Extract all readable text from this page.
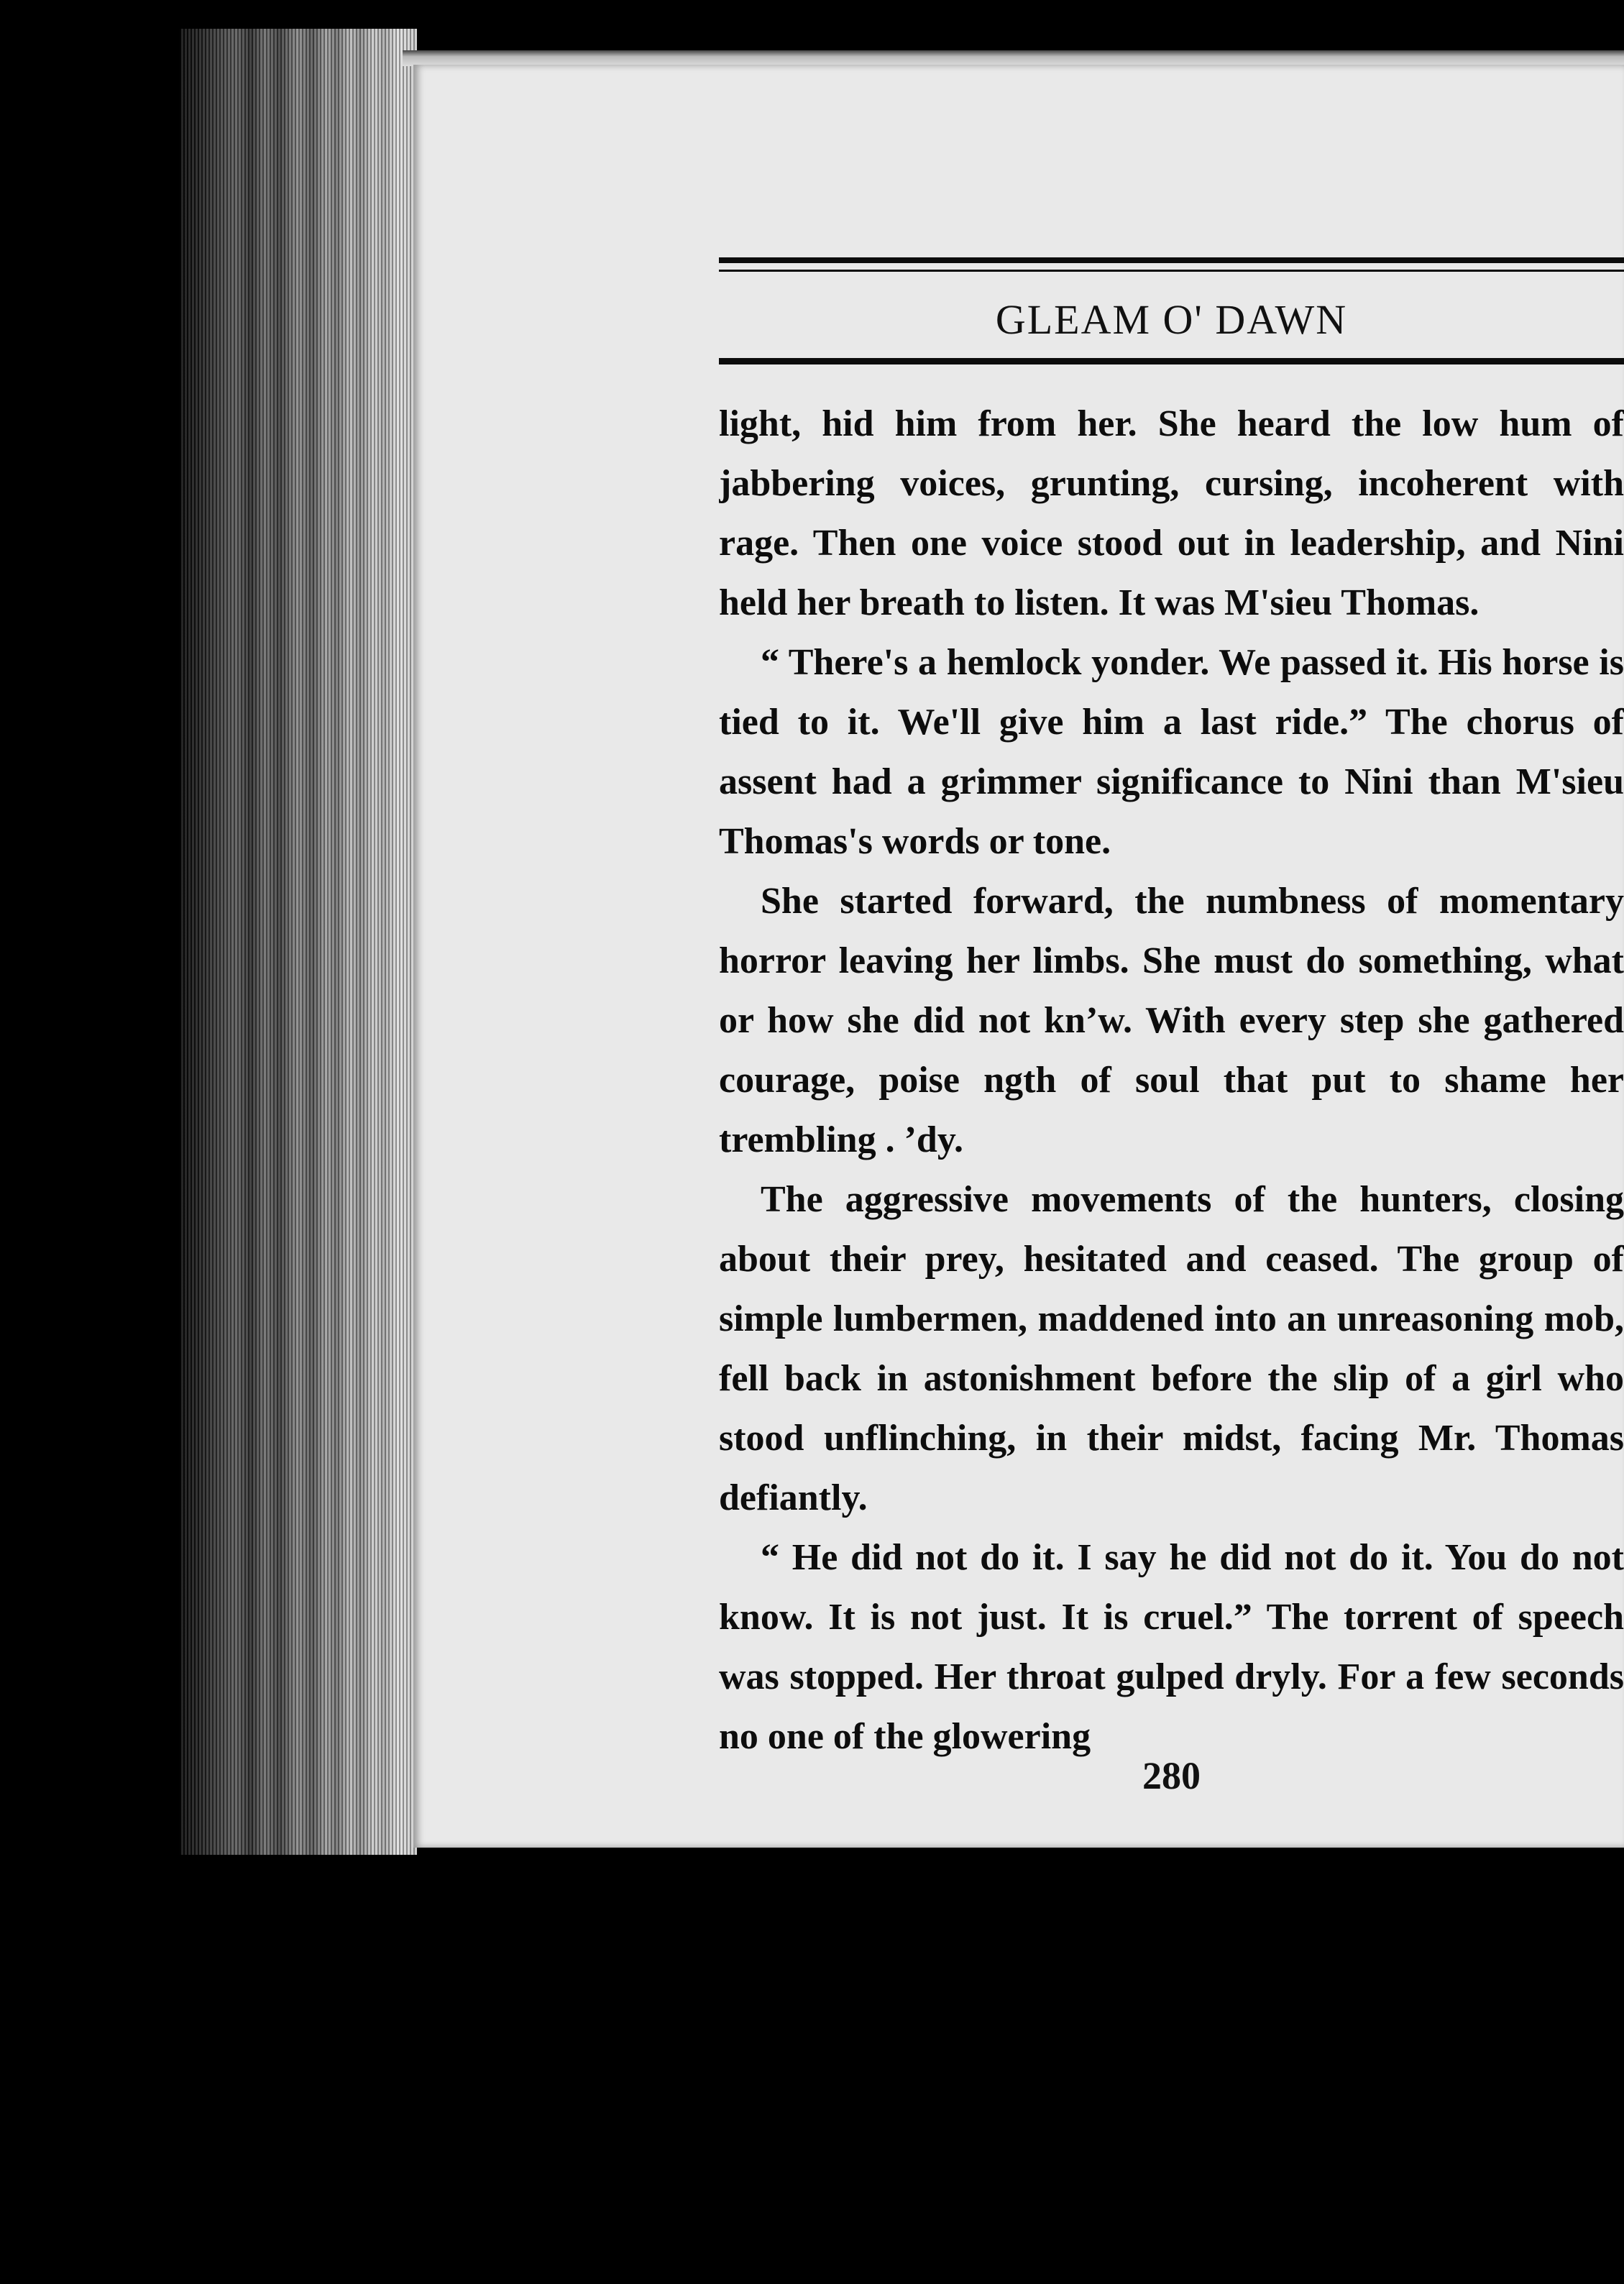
GLEAM O' DAWN

light, hid him from her. She heard the low hum of jabbering voices, grunting, cursing, incoherent with rage. Then one voice stood out in leadership, and Nini held her breath to listen. It was M'sieu Thomas.

“ There's a hemlock yonder. We passed it. His horse is tied to it. We'll give him a last ride.” The chorus of assent had a grimmer significance to Nini than M'sieu Thomas's words or tone.

She started forward, the numbness of momentary horror leaving her limbs. She must do something, what or how she did not kn’w. With every step she gathered courage, poise ngth of soul that put to shame her trembling . ’dy.

The aggressive movements of the hunters, closing about their prey, hesitated and ceased. The group of simple lumbermen, maddened into an unreasoning mob, fell back in astonishment before the slip of a girl who stood unflinching, in their midst, facing Mr. Thomas defiantly.

“ He did not do it. I say he did not do it. You do not know. It is not just. It is cruel.” The torrent of speech was stopped. Her throat gulped dryly. For a few seconds no one of the glowering

280
